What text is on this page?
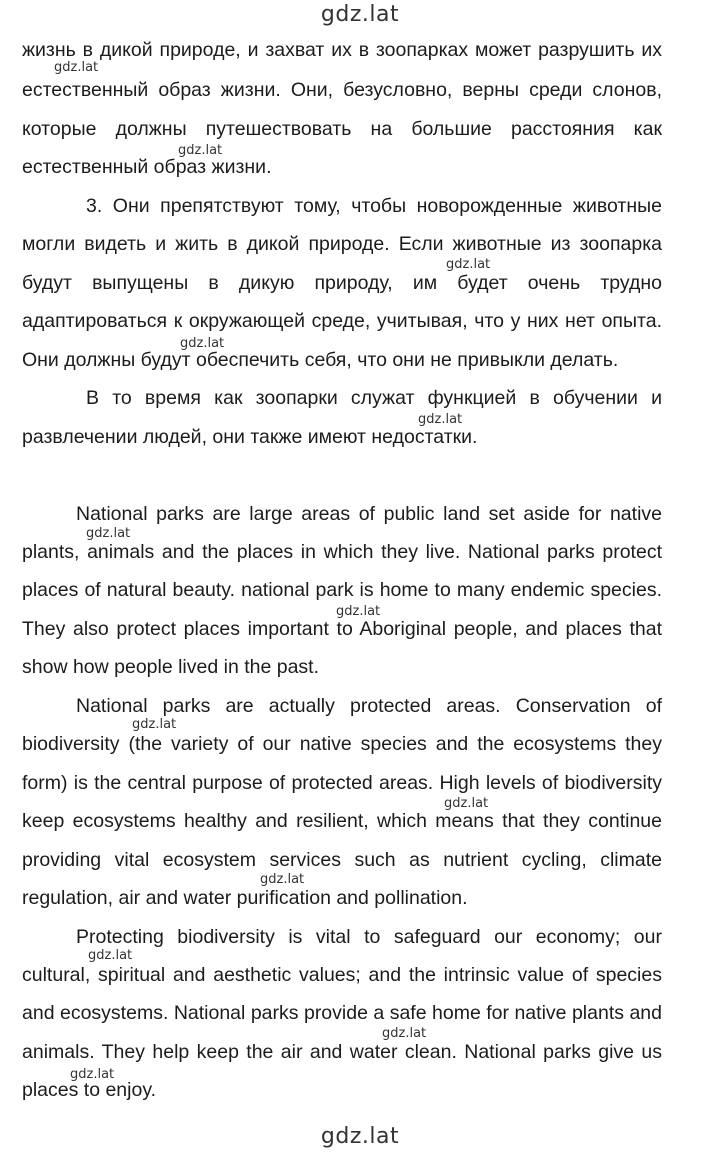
gdz.lat
жизнь в дикой природе, и захват их в зоопарках может разрушить их
естественный образ жизни. Они, безусловно, верны среди слонов,
которые должны путешествовать на большие расстояния как
естественный образ жизни.
3. Они препятствуют тому, чтобы новорожденные животные
могли видеть и жить в дикой природе. Если животные из зоопарка
будут выпущены в дикую природу, им будет очень трудно
адаптироваться к окружающей среде, учитывая, что у них нет опыта.
Они должны будут обеспечить себя, что они не привыкли делать.
В то время как зоопарки служат функцией в обучении и
развлечении людей, они также имеют недостатки.
National parks are large areas of public land set aside for native
plants, animals and the places in which they live. National parks protect
places of natural beauty. national park is home to many endemic species.
They also protect places important to Aboriginal people, and places that
show how people lived in the past.
National parks are actually protected areas. Conservation of
biodiversity (the variety of our native species and the ecosystems they
form) is the central purpose of protected areas. High levels of biodiversity
keep ecosystems healthy and resilient, which means that they continue
providing vital ecosystem services such as nutrient cycling, climate
regulation, air and water purification and pollination.
Protecting biodiversity is vital to safeguard our economy; our
cultural, spiritual and aesthetic values; and the intrinsic value of species
and ecosystems. National parks provide a safe home for native plants and
animals. They help keep the air and water clean. National parks give us
places to enjoy.
gdz.lat
gdz.lat
gdz.lat
gdz.lat
gdz.lat
gdz.lat
gdz.lat
gdz.lat
gdz.lat
gdz.lat
gdz.lat
gdz.lat
gdz.lat
gdz.lat
